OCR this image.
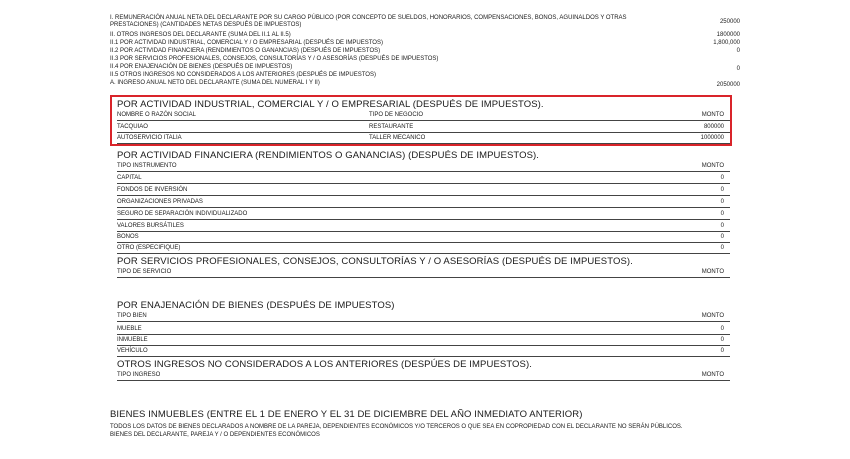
I. REMUNERACIÓN ANUAL NETA DEL DECLARANTE POR SU CARGO PÚBLICO (POR CONCEPTO DE SUELDOS, HONORARIOS, COMPENSACIONES, BONOS, AGUINALDOS Y OTRAS
PRESTACIONES) (CANTIDADES NETAS DESPUÉS DE IMPUESTOS)	250000
II. OTROS INGRESOS DEL DECLARANTE (SUMA DEL II.1 AL II.5)	1800000
II.1 POR ACTIVIDAD INDUSTRIAL, COMERCIAL Y / O EMPRESARIAL (DESPUÉS DE IMPUESTOS)	1,800,000
II.2 POR ACTIVIDAD FINANCIERA (RENDIMIENTOS O GANANCIAS) (DESPUÉS DE IMPUESTOS)	0
II.3 POR SERVICIOS PROFESIONALES, CONSEJOS, CONSULTORÍAS Y / O ASESORÍAS (DESPUÉS DE IMPUESTOS)
II.4 POR ENAJENACIÓN DE BIENES (DESPUÉS DE IMPUESTOS)	0
II.5 OTROS INGRESOS NO CONSIDERADOS A LOS ANTERIORES (DESPUÉS DE IMPUESTOS)
A. INGRESO ANUAL NETO DEL DECLARANTE (SUMA DEL NUMERAL I Y II)	2050000
POR ACTIVIDAD INDUSTRIAL, COMERCIAL Y / O EMPRESARIAL (DESPUÉS DE IMPUESTOS).
NOMBRE O RAZÓN SOCIAL	TIPO DE NEGOCIO	MONTO
TACQUIAO	RESTAURANTE	800000
AUTOSERVICIO ITALIA	TALLER MECANICO	1000000
POR ACTIVIDAD FINANCIERA (RENDIMIENTOS O GANANCIAS) (DESPUÉS DE IMPUESTOS).
TIPO INSTRUMENTO	MONTO
CAPITAL	0
FONDOS DE INVERSIÓN	0
ORGANIZACIONES PRIVADAS	0
SEGURO DE SEPARACIÓN INDIVIDUALIZADO	0
VALORES BURSÁTILES	0
BONOS	0
OTRO (ESPECIFIQUE)	0
POR SERVICIOS PROFESIONALES, CONSEJOS, CONSULTORÍAS Y / O ASESORÍAS (DESPUÉS DE IMPUESTOS).
TIPO DE SERVICIO	MONTO
POR ENAJENACIÓN DE BIENES (DESPUÉS DE IMPUESTOS)
TIPO BIEN	MONTO
MUEBLE	0
INMUEBLE	0
VEHÍCULO	0
OTROS INGRESOS NO CONSIDERADOS A LOS ANTERIORES (DESPÚES DE IMPUESTOS).
TIPO INGRESO	MONTO
BIENES INMUEBLES (ENTRE EL 1 DE ENERO Y EL 31 DE DICIEMBRE DEL AÑO INMEDIATO ANTERIOR)
TODOS LOS DATOS DE BIENES DECLARADOS A NOMBRE DE LA PAREJA, DEPENDIENTES ECONÓMICOS Y/O TERCEROS O QUE SEA EN COPROPIEDAD CON EL DECLARANTE NO SERÁN PÚBLICOS.
BIENES DEL DECLARANTE, PAREJA Y / O DEPENDIENTES ECONÓMICOS
